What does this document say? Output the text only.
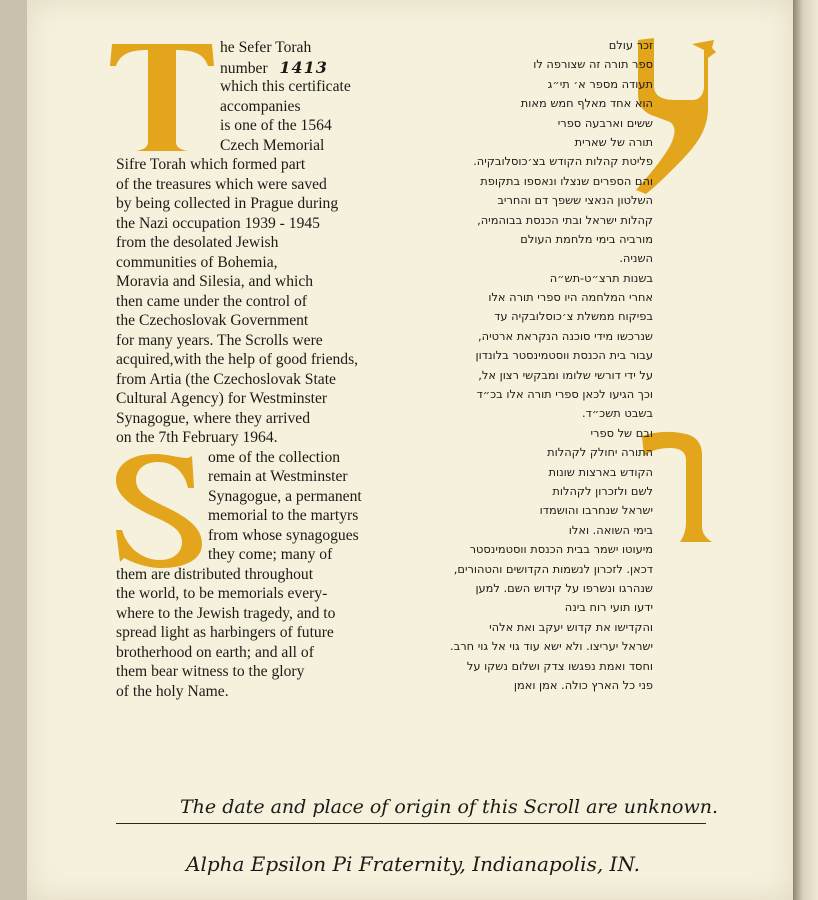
he Sefer Torah
number 1413
which this certificate
accompanies
is one of the 1564
Czech Memorial
Sifre Torah which formed part
of the treasures which were saved
by being collected in Prague during
the Nazi occupation 1939 - 1945
from the desolated Jewish
communities of Bohemia,
Moravia and Silesia, and which
then came under the control of
the Czechoslovak Government
for many years. The Scrolls were
acquired,with the help of good friends,
from Artia (the Czechoslovak State
Cultural Agency) for Westminster
Synagogue, where they arrived
on the 7th February 1964.
ome of the collection
remain at Westminster
Synagogue, a permanent
memorial to the martyrs
from whose synagogues
they come; many of
them are distributed throughout
the world, to be memorials every-
where to the Jewish tragedy, and to
spread light as harbingers of future
brotherhood on earth; and all of
them bear witness to the glory
of the holy Name.
זכר עולם
ספר תורה זה שצורפה לו
תעודה מספר א׳ תי״ג
הוא אחד מאלף חמש מאות
ששים וארבעה ספרי
תורה של שארית
פליטת קהלות הקודש בצ׳כוסלובקיה.
והם הספרים שנצלו ונאספו בתקופת
השלטון הנאצי ששפך דם והחריב
קהלות ישראל ובתי הכנסת בבוהמיה,
מורביה בימי מלחמת העולם
השניה.
בשנות תרצ״ט-תש״ה
אחרי המלחמה היו ספרי תורה אלו
בפיקוח ממשלת צ׳כוסלובקיה עד
שנרכשו מידי סוכנה הנקראת ארטיה,
עבור בית הכנסת ווסטמינסטר בלונדון
על ידי דורשי שלומו ומבקשי רצון אל,
וכך הגיעו לכאן ספרי תורה אלו בכ״ד
בשבט תשכ״ד.
ובם של ספרי
התורה יחולק לקהלות
הקודש בארצות שונות
לשם ולזכרון לקהלות
ישראל שנחרבו והושמדו
בימי השואה. ואלו
מיעוטו ישמר בבית הכנסת ווסטמינסטר
דכאן. לזכרון לנשמות הקדושים והטהורים,
שנהרגו ונשרפו על קידוש השם. למען
ידעו תועי רוח בינה
והקדישו את קדוש יעקב ואת אלהי
ישראל יעריצו. ולא ישא עוד גוי אל גוי חרב.
וחסד ואמת נפגשו צדק ושלום נשקו על
פני כל הארץ כולה. אמן ואמן
The date and place of origin of this Scroll are unknown.
Alpha Epsilon Pi Fraternity, Indianapolis, IN.
